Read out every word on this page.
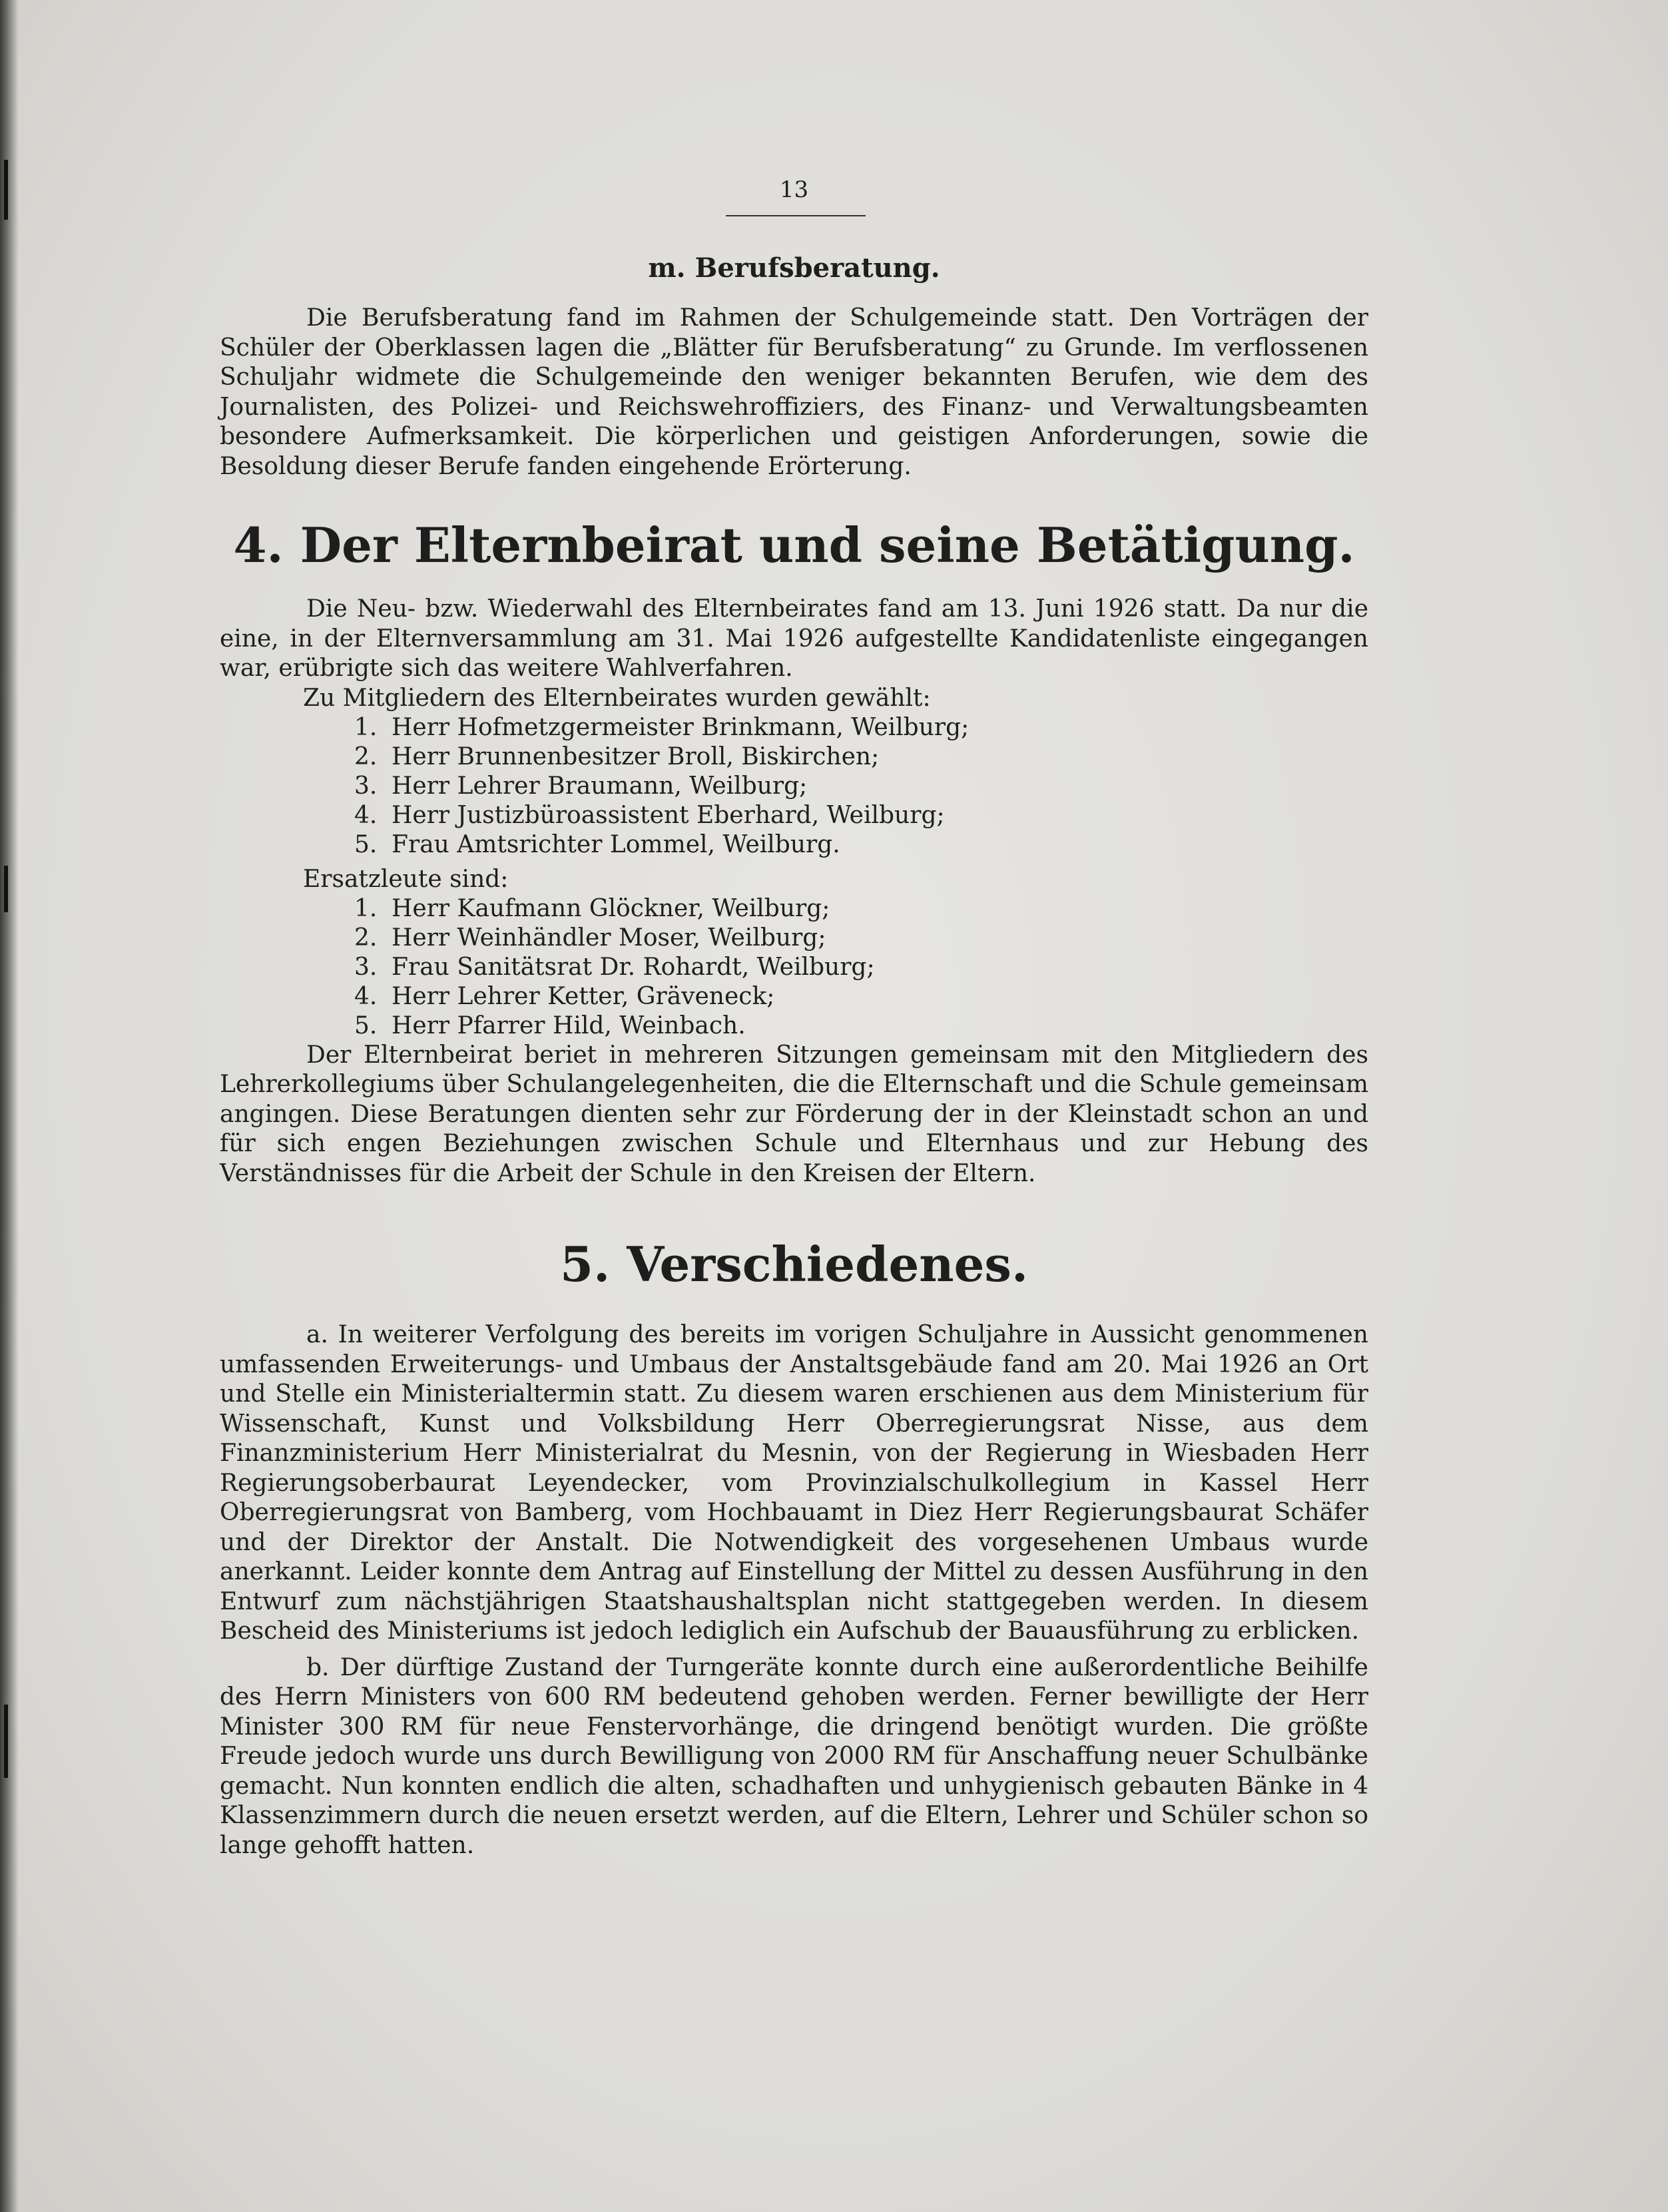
13
m. Berufsberatung.

Die Berufsberatung fand im Rahmen der Schulgemeinde statt. Den Vorträgen der Schüler der Oberklassen lagen die „Blätter für Berufsberatung“ zu Grunde. Im verflossenen Schuljahr widmete die Schulgemeinde den weniger bekannten Berufen, wie dem des Journalisten, des Polizei- und Reichswehroffiziers, des Finanz- und Verwaltungsbeamten besondere Aufmerksamkeit. Die körperlichen und geistigen Anforderungen, sowie die Besoldung dieser Berufe fanden eingehende Erörterung.

4. Der Elternbeirat und seine Betätigung.

Die Neu- bzw. Wiederwahl des Elternbeirates fand am 13. Juni 1926 statt. Da nur die eine, in der Elternversammlung am 31. Mai 1926 aufgestellte Kandidatenliste eingegangen war, erübrigte sich das weitere Wahlverfahren.

Zu Mitgliedern des Elternbeirates wurden gewählt:

1. Herr Hofmetzgermeister Brinkmann, Weilburg;
2. Herr Brunnenbesitzer Broll, Biskirchen;
3. Herr Lehrer Braumann, Weilburg;
4. Herr Justizbüroassistent Eberhard, Weilburg;
5. Frau Amtsrichter Lommel, Weilburg.

Ersatzleute sind:

1. Herr Kaufmann Glöckner, Weilburg;
2. Herr Weinhändler Moser, Weilburg;
3. Frau Sanitätsrat Dr. Rohardt, Weilburg;
4. Herr Lehrer Ketter, Gräveneck;
5. Herr Pfarrer Hild, Weinbach.

Der Elternbeirat beriet in mehreren Sitzungen gemeinsam mit den Mitgliedern des Lehrerkollegiums über Schulangelegenheiten, die die Elternschaft und die Schule gemeinsam angingen. Diese Beratungen dienten sehr zur Förderung der in der Kleinstadt schon an und für sich engen Beziehungen zwischen Schule und Elternhaus und zur Hebung des Verständnisses für die Arbeit der Schule in den Kreisen der Eltern.

5. Verschiedenes.

a. In weiterer Verfolgung des bereits im vorigen Schuljahre in Aussicht genommenen umfassenden Erweiterungs- und Umbaus der Anstaltsgebäude fand am 20. Mai 1926 an Ort und Stelle ein Ministerialtermin statt. Zu diesem waren erschienen aus dem Ministerium für Wissenschaft, Kunst und Volksbildung Herr Oberregierungsrat Nisse, aus dem Finanzministerium Herr Ministerialrat du Mesnin, von der Regierung in Wiesbaden Herr Regierungsoberbaurat Leyendecker, vom Provinzialschulkollegium in Kassel Herr Oberregierungsrat von Bamberg, vom Hochbauamt in Diez Herr Regierungsbaurat Schäfer und der Direktor der Anstalt. Die Notwendigkeit des vorgesehenen Umbaus wurde anerkannt. Leider konnte dem Antrag auf Einstellung der Mittel zu dessen Ausführung in den Entwurf zum nächstjährigen Staatshaushaltsplan nicht stattgegeben werden. In diesem Bescheid des Ministeriums ist jedoch lediglich ein Aufschub der Bauausführung zu erblicken.

b. Der dürftige Zustand der Turngeräte konnte durch eine außerordentliche Beihilfe des Herrn Ministers von 600 RM bedeutend gehoben werden. Ferner bewilligte der Herr Minister 300 RM für neue Fenstervorhänge, die dringend benötigt wurden. Die größte Freude jedoch wurde uns durch Bewilligung von 2000 RM für Anschaffung neuer Schulbänke gemacht. Nun konnten endlich die alten, schadhaften und unhygienisch gebauten Bänke in 4 Klassenzimmern durch die neuen ersetzt werden, auf die Eltern, Lehrer und Schüler schon so lange gehofft hatten.
